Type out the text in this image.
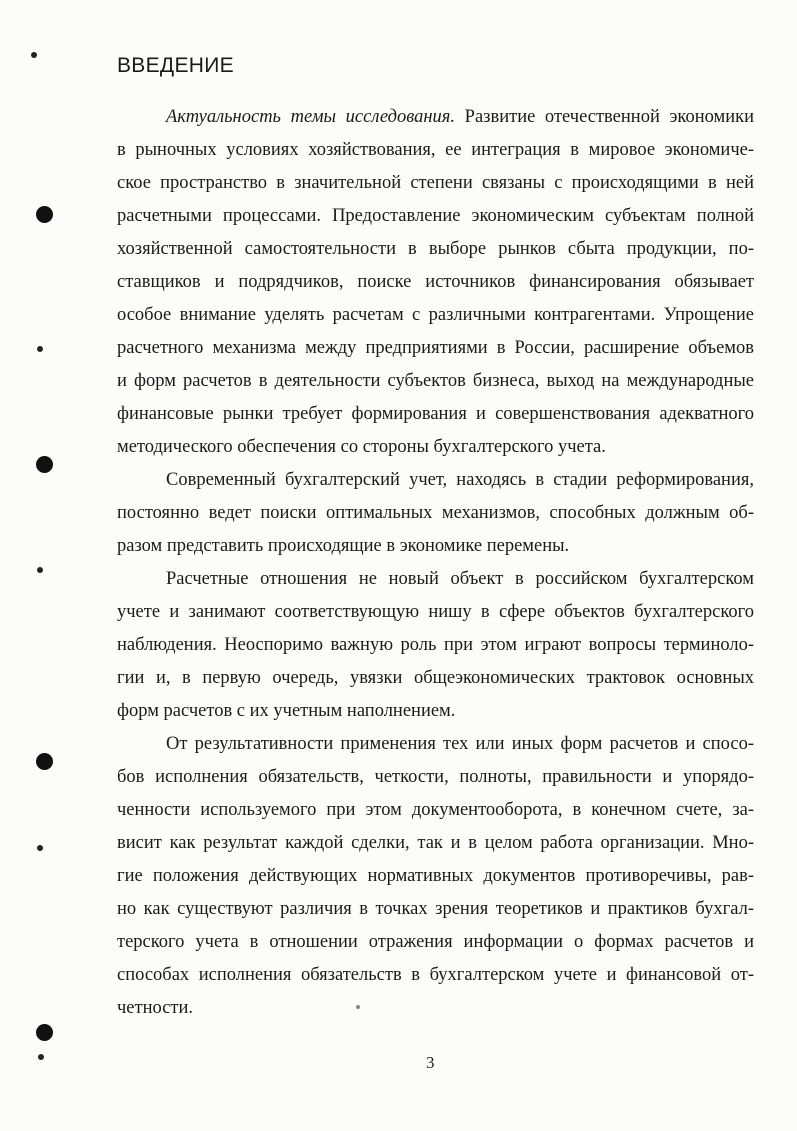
ВВЕДЕНИЕ
Актуальность темы исследования. Развитие отечественной экономики
в рыночных условиях хозяйствования, ее интеграция в мировое экономиче-
ское пространство в значительной степени связаны с происходящими в ней
расчетными процессами. Предоставление экономическим субъектам полной
хозяйственной самостоятельности в выборе рынков сбыта продукции, по-
ставщиков и подрядчиков, поиске источников финансирования обязывает
особое внимание уделять расчетам с различными контрагентами. Упрощение
расчетного механизма между предприятиями в России, расширение объемов
и форм расчетов в деятельности субъектов бизнеса, выход на международные
финансовые рынки требует формирования и совершенствования адекватного
методического обеспечения со стороны бухгалтерского учета.
Современный бухгалтерский учет, находясь в стадии реформирования,
постоянно ведет поиски оптимальных механизмов, способных должным об-
разом представить происходящие в экономике перемены.
Расчетные отношения не новый объект в российском бухгалтерском
учете и занимают соответствующую нишу в сфере объектов бухгалтерского
наблюдения. Неоспоримо важную роль при этом играют вопросы терминоло-
гии и, в первую очередь, увязки общеэкономических трактовок основных
форм расчетов с их учетным наполнением.
От результативности применения тех или иных форм расчетов и спосо-
бов исполнения обязательств, четкости, полноты, правильности и упорядо-
ченности используемого при этом документооборота, в конечном счете, за-
висит как результат каждой сделки, так и в целом работа организации. Мно-
гие положения действующих нормативных документов противоречивы, рав-
но как существуют различия в точках зрения теоретиков и практиков бухгал-
терского учета в отношении отражения информации о формах расчетов и
способах исполнения обязательств в бухгалтерском учете и финансовой от-
четности.
3
